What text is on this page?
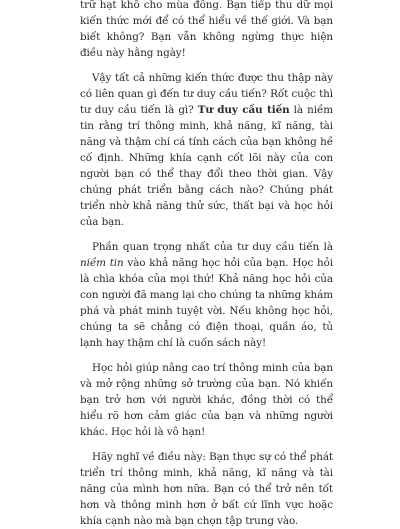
trữ hạt khô cho mùa đông. Bạn tiếp thu dữ mọi kiến thức mới để có thể hiểu về thế giới. Và bạn biết không? Bạn vẫn không ngừng thực hiện điều này hằng ngày!

Vậy tất cả những kiến thức được thu thập này có liên quan gì đến tư duy cầu tiến? Rốt cuộc thì tư duy cầu tiến là gì? Tư duy cầu tiến là niềm tin rằng trí thông minh, khả năng, kĩ năng, tài năng và thậm chí cá tính cách của bạn không hề cố định. Những khía cạnh cốt lõi này của con người bạn có thể thay đổi theo thời gian. Vậy chúng phát triển bằng cách nào? Chúng phát triển nhờ khả năng thử sức, thất bại và học hỏi của bạn.

Phần quan trọng nhất của tư duy cầu tiến là niềm tin vào khả năng học hỏi của bạn. Học hỏi là chìa khóa của mọi thứ! Khả năng học hỏi của con người đã mang lại cho chúng ta những khám phá và phát minh tuyệt vời. Nếu không học hỏi, chúng ta sẽ chẳng có điện thoại, quần áo, tủ lạnh hay thậm chí là cuốn sách này!

Học hỏi giúp nâng cao trí thông minh của bạn và mở rộng những sở trường của bạn. Nó khiến bạn trở hơn với người khác, đồng thời có thể hiểu rõ hơn cảm giác của bạn và những người khác. Học hỏi là vô hạn!

Hãy nghĩ về điều này: Bạn thực sự có thể phát triển trí thông minh, khả năng, kĩ năng và tài năng của mình hơn nữa. Bạn có thể trở nên tốt hơn và thông minh hơn ở bất cứ lĩnh vực hoặc khía cạnh nào mà bạn chọn tập trung vào.
